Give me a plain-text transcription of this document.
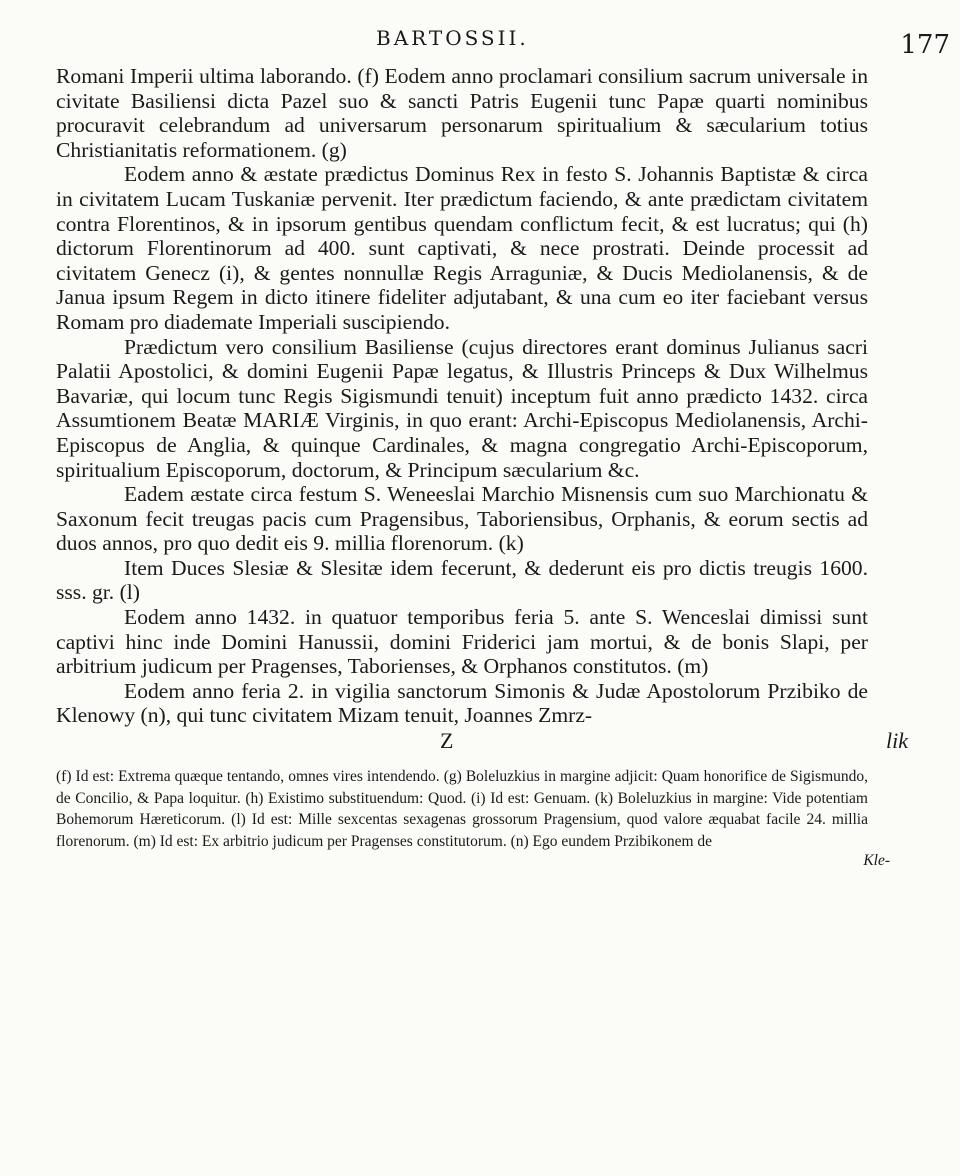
BARTOSSII.	177

Romani Imperii ultima laborando. (f) Eodem anno proclamari consilium sacrum universale in civitate Basiliensi dicta Pazel suo & sancti Patris Eugenii tunc Papæ quarti nominibus procuravit celebrandum ad universarum personarum spiritualium & sæcularium totius Christianitatis reformationem. (g)

Eodem anno & æstate prædictus Dominus Rex in festo S. Johannis Baptistæ & circa in civitatem Lucam Tuskaniæ pervenit. Iter prædictum faciendo, & ante prædictam civitatem contra Florentinos, & in ipsorum gentibus quendam conflictum fecit, & est lucratus; qui (h) dictorum Florentinorum ad 400. sunt captivati, & nece prostrati. Deinde processit ad civitatem Genecz (i), & gentes nonnullæ Regis Arraguniæ, & Ducis Mediolanensis, & de Janua ipsum Regem in dicto itinere fideliter adjutabant, & una cum eo iter faciebant versus Romam pro diademate Imperiali suscipiendo.

Prædictum vero consilium Basiliense (cujus directores erant dominus Julianus sacri Palatii Apostolici, & domini Eugenii Papæ legatus, & Illustris Princeps & Dux Wilhelmus Bavariæ, qui locum tunc Regis Sigismundi tenuit) inceptum fuit anno prædicto 1432. circa Assumtionem Beatæ MARIÆ Virginis, in quo erant: Archi-Episcopus Mediolanensis, Archi-Episcopus de Anglia, & quinque Cardinales, & magna congregatio Archi-Episcoporum, spiritualium Episcoporum, doctorum, & Principum sæcularium &c.

Eadem æstate circa festum S. Weneeslai Marchio Misnensis cum suo Marchionatu & Saxonum fecit treugas pacis cum Pragensibus, Taboriensibus, Orphanis, & eorum sectis ad duos annos, pro quo dedit eis 9. millia florenorum. (k)

Item Duces Slesiæ & Slesitæ idem fecerunt, & dederunt eis pro dictis treugis 1600. sss. gr. (l)

Eodem anno 1432. in quatuor temporibus feria 5. ante S. Wenceslai dimissi sunt captivi hinc inde Domini Hanussii, domini Friderici jam mortui, & de bonis Slapi, per arbitrium judicum per Pragenses, Taborienses, & Orphanos constitutos. (m)

Eodem anno feria 2. in vigilia sanctorum Simonis & Judæ Apostolorum Przibiko de Klenowy (n), qui tunc civitatem Mizam tenuit, Joannes Zmrz-

Z	lik

(f) Id est: Extrema quæque tentando, omnes vires intendendo. (g) Boleluzkius in margine adjicit: Quam honorifice de Sigismundo, de Concilio, & Papa loquitur. (h) Existimo substituendum: Quod. (i) Id est: Genuam. (k) Boleluzkius in margine: Vide potentiam Bohemorum Hæreticorum. (l) Id est: Mille sexcentas sexagenas grossorum Pragensium, quod valore æquabat facile 24. millia florenorum. (m) Id est: Ex arbitrio judicum per Pragenses constitutorum. (n) Ego eundem Przibikonem de

Kle-
